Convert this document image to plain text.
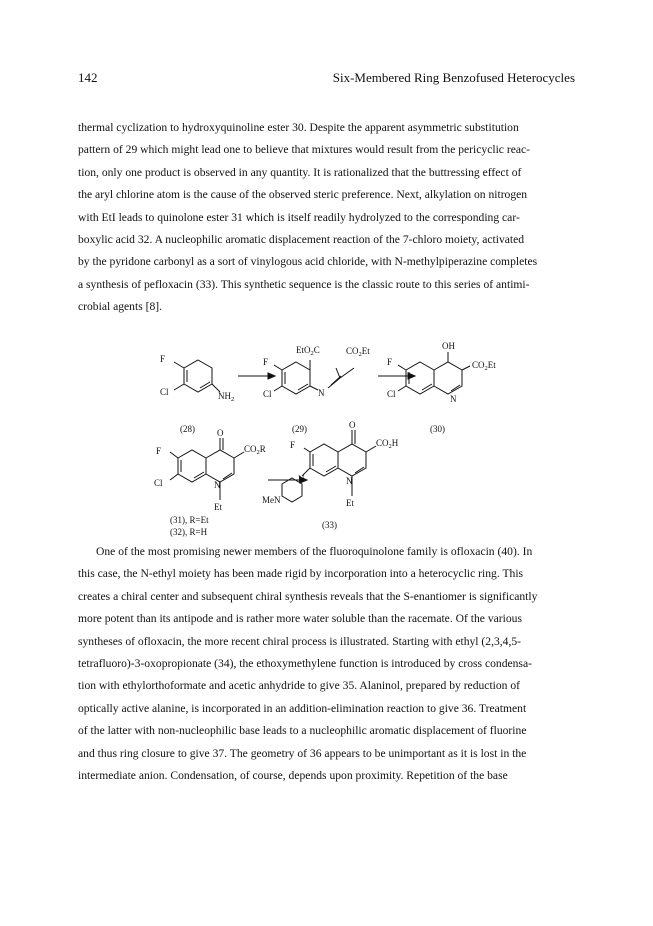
142	Six-Membered Ring Benzofused Heterocycles
thermal cyclization to hydroxyquinoline ester 30. Despite the apparent asymmetric substitution
pattern of 29 which might lead one to believe that mixtures would result from the pericyclic reac-
tion, only one product is observed in any quantity. It is rationalized that the buttressing effect of
the aryl chlorine atom is the cause of the observed steric preference. Next, alkylation on nitrogen
with EtI leads to quinolone ester 31 which is itself readily hydrolyzed to the corresponding car-
boxylic acid 32. A nucleophilic aromatic displacement reaction of the 7-chloro moiety, activated
by the pyridone carbonyl as a sort of vinylogous acid chloride, with N-methylpiperazine completes
a synthesis of pefloxacin (33). This synthetic sequence is the classic route to this series of antimi-
crobial agents [8].
F
Cl	$NH_2$
(28)
F
Cl
EtO$_2$C	$CO_2Et$
N
(29)
OH
F
Cl
$CO_2Et$
N
(30)
O
F
Cl
$CO_2R$
N
Et
(31), R=Et
(32), R=H
O
F	$CO_2H$
N	N
MeN	Et
(33)
One of the most promising newer members of the fluoroquinolone family is ofloxacin (40). In
this case, the N-ethyl moiety has been made rigid by incorporation into a heterocyclic ring. This
creates a chiral center and subsequent chiral synthesis reveals that the S-enantiomer is significantly
more potent than its antipode and is rather more water soluble than the racemate. Of the various
syntheses of ofloxacin, the more recent chiral process is illustrated. Starting with ethyl (2,3,4,5-
tetrafluoro)-3-oxopropionate (34), the ethoxymethylene function is introduced by cross condensa-
tion with ethylorthoformate and acetic anhydride to give 35. Alaninol, prepared by reduction of
optically active alanine, is incorporated in an addition-elimination reaction to give 36. Treatment
of the latter with non-nucleophilic base leads to a nucleophilic aromatic displacement of fluorine
and thus ring closure to give 37. The geometry of 36 appears to be unimportant as it is lost in the
intermediate anion. Condensation, of course, depends upon proximity. Repetition of the base
